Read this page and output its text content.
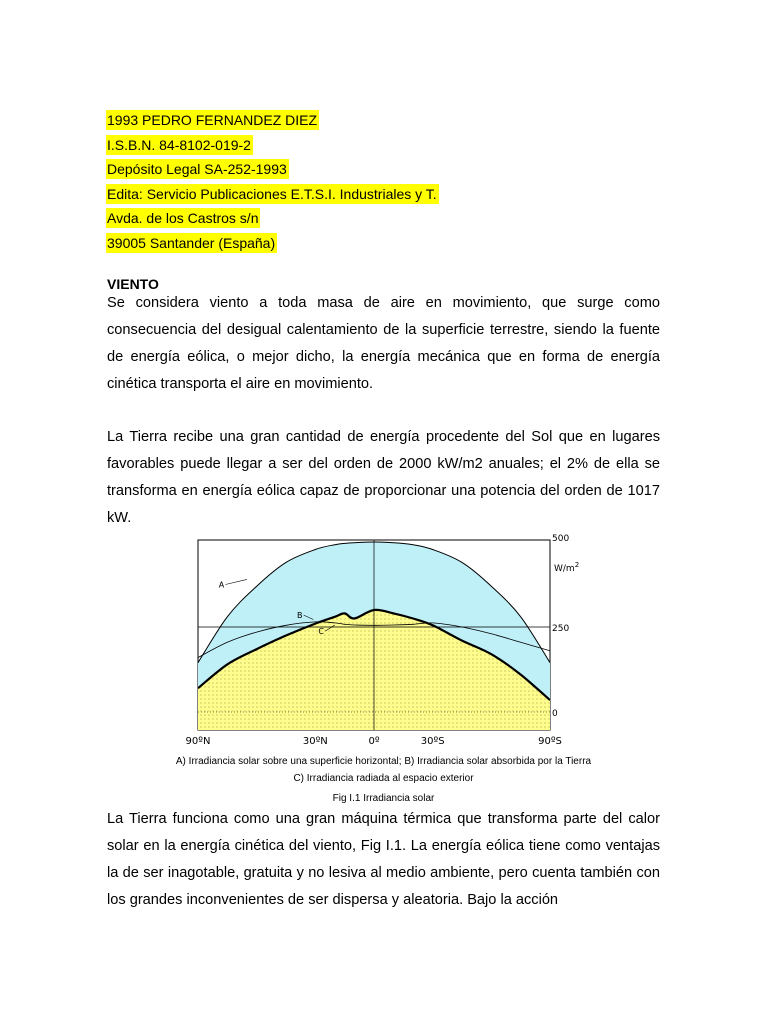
1993 PEDRO FERNANDEZ DIEZ
I.S.B.N. 84-8102-019-2
Depósito Legal SA-252-1993
Edita: Servicio Publicaciones E.T.S.I. Industriales y T.
Avda. de los Castros s/n
39005 Santander (España)
VIENTO

Se considera viento a toda masa de aire en movimiento, que surge como consecuencia del desigual calentamiento de la superficie terrestre, siendo la fuente de energía eólica, o mejor dicho, la energía mecánica que en forma de energía cinética transporta el aire en movimiento.

La Tierra recibe una gran cantidad de energía procedente del Sol que en lugares favorables puede llegar a ser del orden de 2000 kW/m2 anuales; el 2% de ella se transforma en energía eólica capaz de proporcionar una potencia del orden de 1017 kW.

90ºN	30ºN	0º	30ºS	90ºS
500
250
0
$W/m^2$
A
B
C
A) Irradiancia solar sobre una superficie horizontal; B) Irradiancia solar absorbida por la Tierra
C) Irradiancia radiada al espacio exterior
Fig I.1 Irradiancia solar

La Tierra funciona como una gran máquina térmica que transforma parte del calor solar en la energía cinética del viento, Fig I.1. La energía eólica tiene como ventajas la de ser inagotable, gratuita y no lesiva al medio ambiente, pero cuenta también con los grandes inconvenientes de ser dispersa y aleatoria. Bajo la acción
